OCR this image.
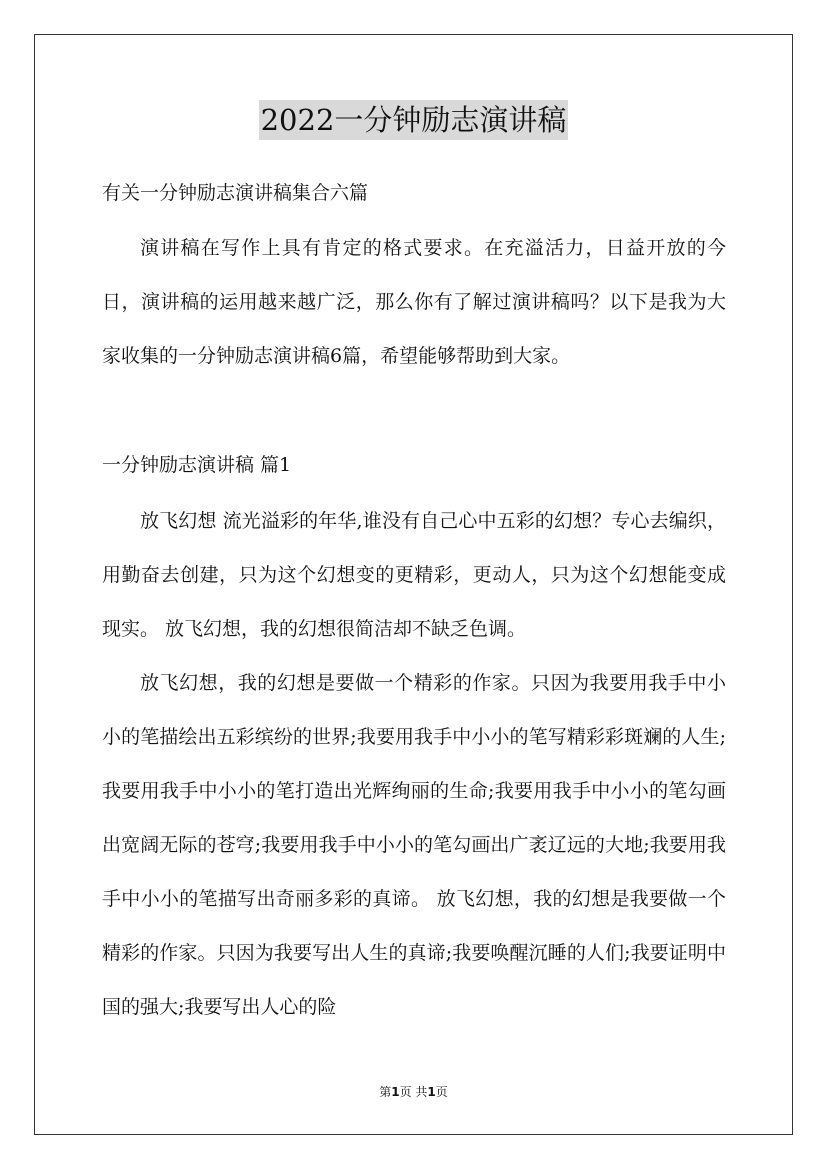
2022一分钟励志演讲稿
有关一分钟励志演讲稿集合六篇
演讲稿在写作上具有肯定的格式要求。在充溢活力，日益开放的今日，演讲稿的运用越来越广泛，那么你有了解过演讲稿吗？以下是我为大家收集的一分钟励志演讲稿6篇，希望能够帮助到大家。
一分钟励志演讲稿 篇1
放飞幻想 流光溢彩的年华,谁没有自己心中五彩的幻想？专心去编织，用勤奋去创建，只为这个幻想变的更精彩，更动人，只为这个幻想能变成现实。 放飞幻想，我的幻想很简洁却不缺乏色调。
放飞幻想，我的幻想是要做一个精彩的作家。只因为我要用我手中小小的笔描绘出五彩缤纷的世界;我要用我手中小小的笔写精彩彩斑斓的人生;我要用我手中小小的笔打造出光辉绚丽的生命;我要用我手中小小的笔勾画出宽阔无际的苍穹;我要用我手中小小的笔勾画出广袤辽远的大地;我要用我手中小小的笔描写出奇丽多彩的真谛。 放飞幻想，我的幻想是我要做一个精彩的作家。只因为我要写出人生的真谛;我要唤醒沉睡的人们;我要证明中国的强大;我要写出人心的险
第1页 共1页
